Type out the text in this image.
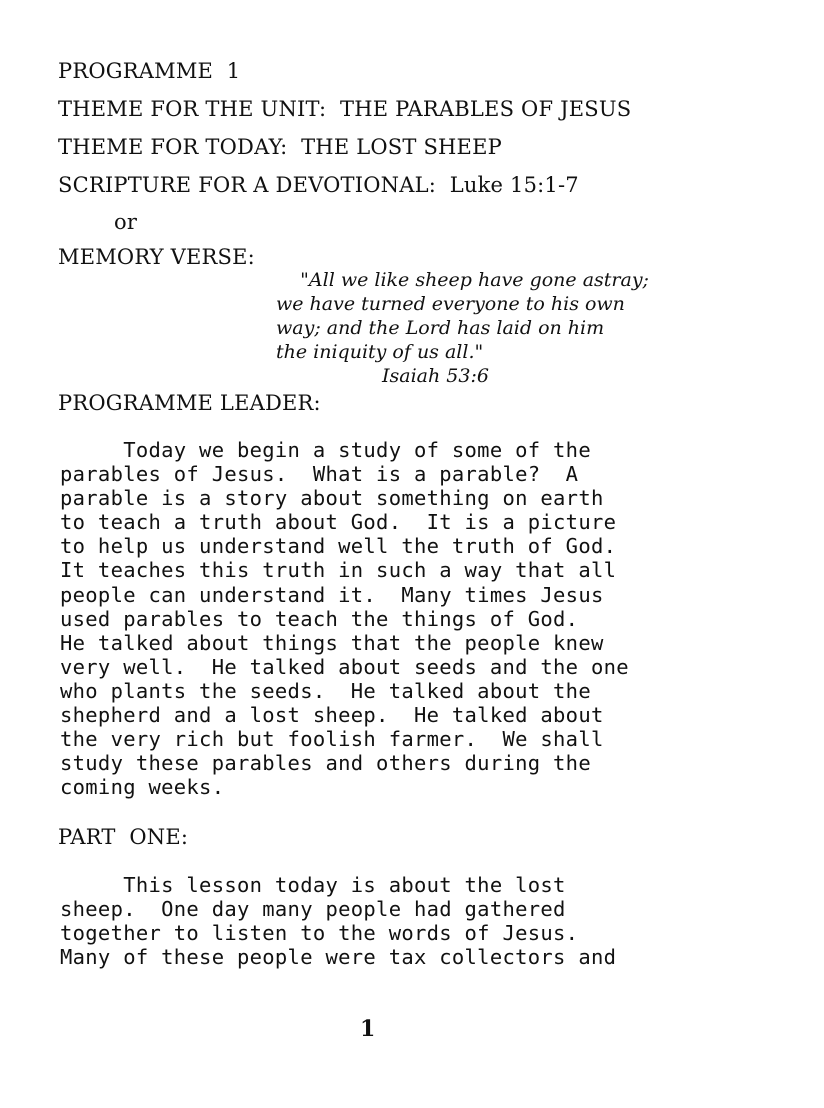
PROGRAMME  1
THEME FOR THE UNIT:  THE PARABLES OF JESUS
THEME FOR TODAY:  THE LOST SHEEP
SCRIPTURE FOR A DEVOTIONAL:  Luke 15:1-7
or
MEMORY VERSE:

"All we like sheep have gone astray;
we have turned everyone to his own
way; and the Lord has laid on him
the iniquity of us all."

Isaiah 53:6

PROGRAMME LEADER:
Today we begin a study of some of the
parables of Jesus.  What is a parable?  A
parable is a story about something on earth
to teach a truth about God.  It is a picture
to help us understand well the truth of God.
It teaches this truth in such a way that all
people can understand it.  Many times Jesus
used parables to teach the things of God.
He talked about things that the people knew
very well.  He talked about seeds and the one
who plants the seeds.  He talked about the
shepherd and a lost sheep.  He talked about
the very rich but foolish farmer.  We shall
study these parables and others during the
coming weeks.
PART  ONE:
This lesson today is about the lost
sheep.  One day many people had gathered
together to listen to the words of Jesus.
Many of these people were tax collectors and
1
